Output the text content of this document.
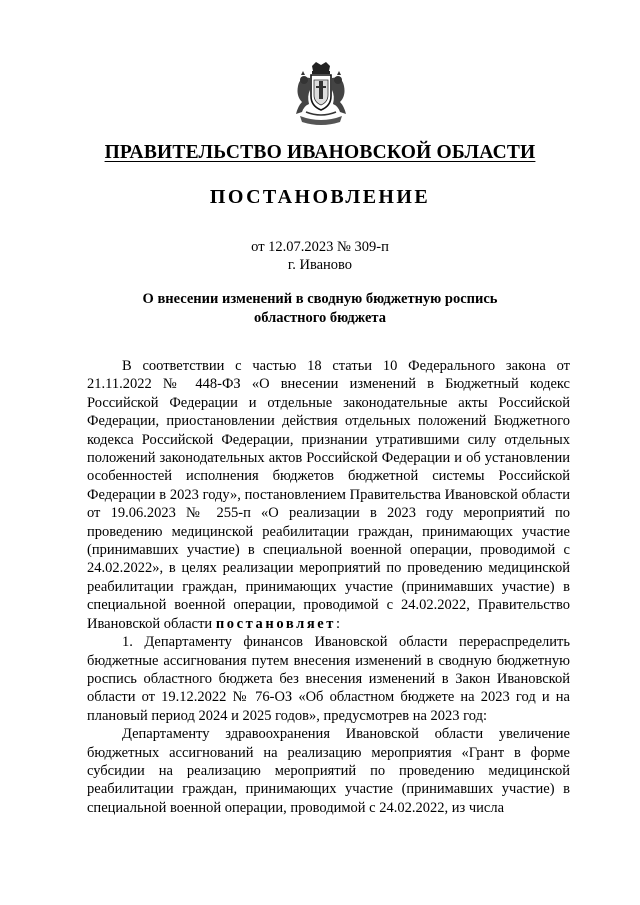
ПРАВИТЕЛЬСТВО ИВАНОВСКОЙ ОБЛАСТИ
ПОСТАНОВЛЕНИЕ
от 12.07.2023 № 309-п
г. Иваново
О внесении изменений в сводную бюджетную роспись
областного бюджета

В соответствии с частью 18 статьи 10 Федерального закона от 21.11.2022 № 448-ФЗ «О внесении изменений в Бюджетный кодекс Российской Федерации и отдельные законодательные акты Российской Федерации, приостановлении действия отдельных положений Бюджетного кодекса Российской Федерации, признании утратившими силу отдельных положений законодательных актов Российской Федерации и об установлении особенностей исполнения бюджетов бюджетной системы Российской Федерации в 2023 году», постановлением Правительства Ивановской области от 19.06.2023 № 255-п «О реализации в 2023 году мероприятий по проведению медицинской реабилитации граждан, принимающих участие (принимавших участие) в специальной военной операции, проводимой с 24.02.2022», в целях реализации мероприятий по проведению медицинской реабилитации граждан, принимающих участие (принимавших участие) в специальной военной операции, проводимой с 24.02.2022, Правительство Ивановской области постановляет:

1. Департаменту финансов Ивановской области перераспределить бюджетные ассигнования путем внесения изменений в сводную бюджетную роспись областного бюджета без внесения изменений в Закон Ивановской области от 19.12.2022 № 76-ОЗ «Об областном бюджете на 2023 год и на плановый период 2024 и 2025 годов», предусмотрев на 2023 год:

Департаменту здравоохранения Ивановской области увеличение бюджетных ассигнований на реализацию мероприятия «Грант в форме субсидии на реализацию мероприятий по проведению медицинской реабилитации граждан, принимающих участие (принимавших участие) в специальной военной операции, проводимой с 24.02.2022, из числа
